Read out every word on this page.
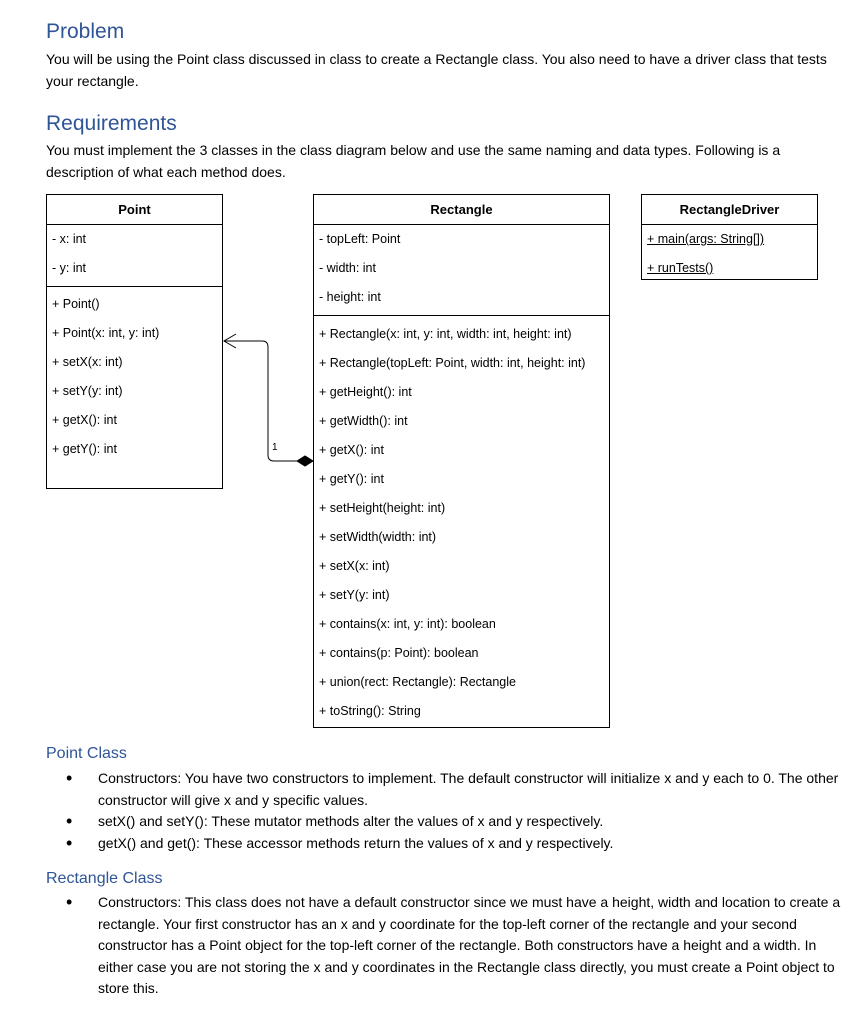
Problem

You will be using the Point class discussed in class to create a Rectangle class. You also need to have a driver class that tests your rectangle.

Requirements

You must implement the 3 classes in the class diagram below and use the same naming and data types. Following is a description of what each method does.

Point
- x: int
- y: int
+ Point()
+ Point(x: int, y: int)
+ setX(x: int)
+ setY(y: int)
+ getX(): int
+ getY(): int
Rectangle
- topLeft: Point
- width: int
- height: int
+ Rectangle(x: int, y: int, width: int, height: int)
+ Rectangle(topLeft: Point, width: int, height: int)
+ getHeight(): int
+ getWidth(): int
+ getX(): int
+ getY(): int
+ setHeight(height: int)
+ setWidth(width: int)
+ setX(x: int)
+ setY(y: int)
+ contains(x: int, y: int): boolean
+ contains(p: Point): boolean
+ union(rect: Rectangle): Rectangle
+ toString(): String
RectangleDriver
+ main(args: String[])
+ runTests()
1
Point Class
• Constructors: You have two constructors to implement. The default constructor will initialize x and y each to 0. The other constructor will give x and y specific values.
• setX() and setY(): These mutator methods alter the values of x and y respectively.
• getX() and get(): These accessor methods return the values of x and y respectively.
Rectangle Class
• Constructors: This class does not have a default constructor since we must have a height, width and location to create a rectangle. Your first constructor has an x and y coordinate for the top-left corner of the rectangle and your second constructor has a Point object for the top-left corner of the rectangle. Both constructors have a height and a width. In either case you are not storing the x and y coordinates in the Rectangle class directly, you must create a Point object to store this.
